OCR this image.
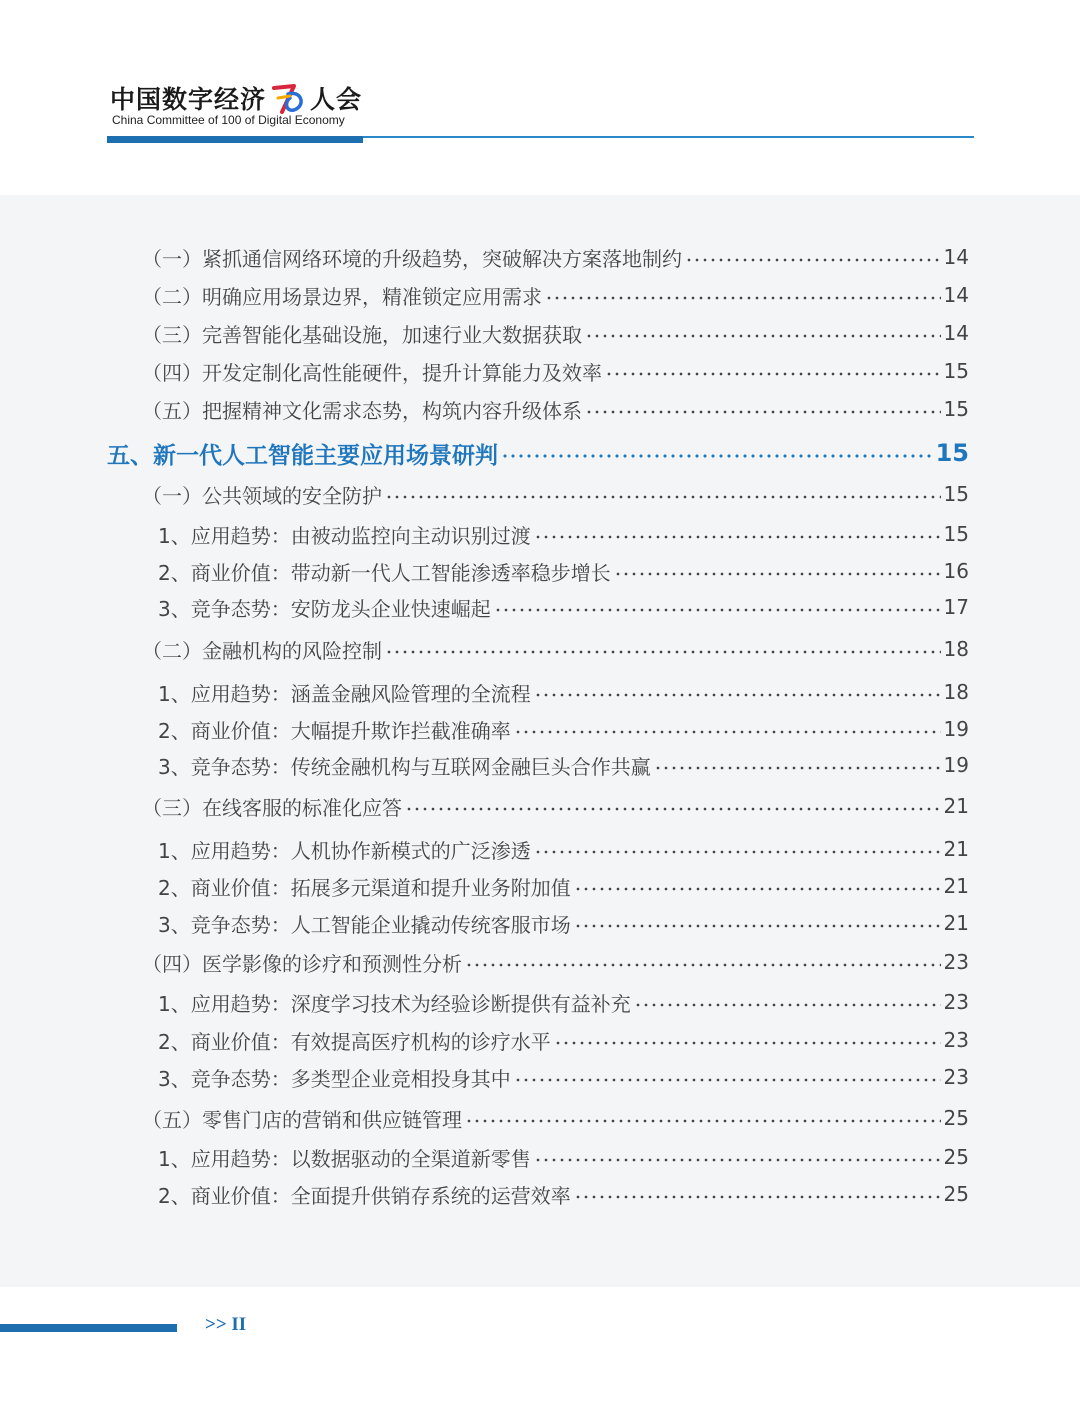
中国数字经济 人会
China Committee of 100 of Digital Economy
（一）紧抓通信网络环境的升级趋势，突破解决方案落地制约	14
（二）明确应用场景边界，精准锁定应用需求	14
（三）完善智能化基础设施，加速行业大数据获取	14
（四）开发定制化高性能硬件，提升计算能力及效率	15
（五）把握精神文化需求态势，构筑内容升级体系	15
五、新一代人工智能主要应用场景研判	15
（一）公共领域的安全防护	15
1、应用趋势：由被动监控向主动识别过渡	15
2、商业价值：带动新一代人工智能渗透率稳步增长	16
3、竞争态势：安防龙头企业快速崛起	17
（二）金融机构的风险控制	18
1、应用趋势：涵盖金融风险管理的全流程	18
2、商业价值：大幅提升欺诈拦截准确率	19
3、竞争态势：传统金融机构与互联网金融巨头合作共赢	19
（三）在线客服的标准化应答	21
1、应用趋势：人机协作新模式的广泛渗透	21
2、商业价值：拓展多元渠道和提升业务附加值	21
3、竞争态势：人工智能企业撬动传统客服市场	21
（四）医学影像的诊疗和预测性分析	23
1、应用趋势：深度学习技术为经验诊断提供有益补充	23
2、商业价值：有效提高医疗机构的诊疗水平	23
3、竞争态势：多类型企业竞相投身其中	23
（五）零售门店的营销和供应链管理	25
1、应用趋势：以数据驱动的全渠道新零售	25
2、商业价值：全面提升供销存系统的运营效率	25
>> II
